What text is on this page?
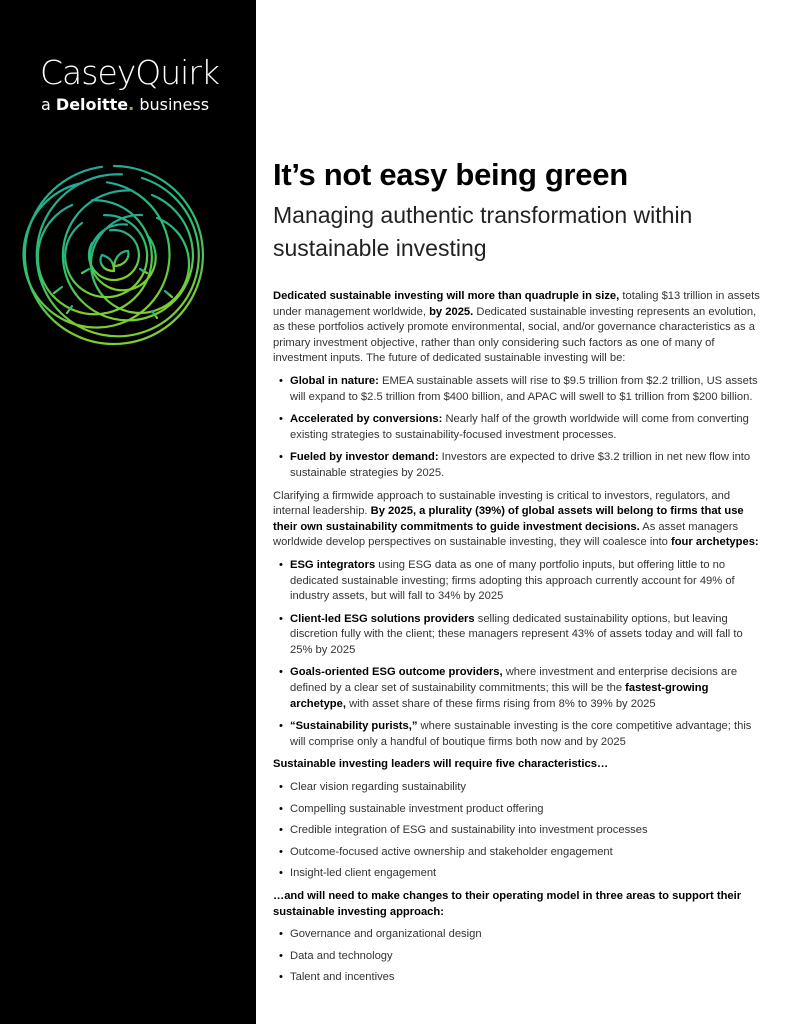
CaseyQuirk
a Deloitte. business
It’s not easy being green
Managing authentic transformation within sustainable investing

Dedicated sustainable investing will more than quadruple in size, totaling $13 trillion in assets under management worldwide, by 2025. Dedicated sustainable investing represents an evolution, as these portfolios actively promote environmental, social, and/or governance characteristics as a primary investment objective, rather than only considering such factors as one of many of investment inputs. The future of dedicated sustainable investing will be:

• Global in nature: EMEA sustainable assets will rise to $9.5 trillion from $2.2 trillion, US assets will expand to $2.5 trillion from $400 billion, and APAC will swell to $1 trillion from $200 billion.
• Accelerated by conversions: Nearly half of the growth worldwide will come from converting existing strategies to sustainability-focused investment processes.
• Fueled by investor demand: Investors are expected to drive $3.2 trillion in net new flow into sustainable strategies by 2025.

Clarifying a firmwide approach to sustainable investing is critical to investors, regulators, and internal leadership. By 2025, a plurality (39%) of global assets will belong to firms that use their own sustainability commitments to guide investment decisions. As asset managers worldwide develop perspectives on sustainable investing, they will coalesce into four archetypes:

• ESG integrators using ESG data as one of many portfolio inputs, but offering little to no dedicated sustainable investing; firms adopting this approach currently account for 49% of industry assets, but will fall to 34% by 2025
• Client-led ESG solutions providers selling dedicated sustainability options, but leaving discretion fully with the client; these managers represent 43% of assets today and will fall to 25% by 2025
• Goals-oriented ESG outcome providers, where investment and enterprise decisions are defined by a clear set of sustainability commitments; this will be the fastest-growing archetype, with asset share of these firms rising from 8% to 39% by 2025
• “Sustainability purists,” where sustainable investing is the core competitive advantage; this will comprise only a handful of boutique firms both now and by 2025

Sustainable investing leaders will require five characteristics…

• Clear vision regarding sustainability
• Compelling sustainable investment product offering
• Credible integration of ESG and sustainability into investment processes
• Outcome-focused active ownership and stakeholder engagement
• Insight-led client engagement

…and will need to make changes to their operating model in three areas to support their sustainable investing approach:

• Governance and organizational design
• Data and technology
• Talent and incentives
